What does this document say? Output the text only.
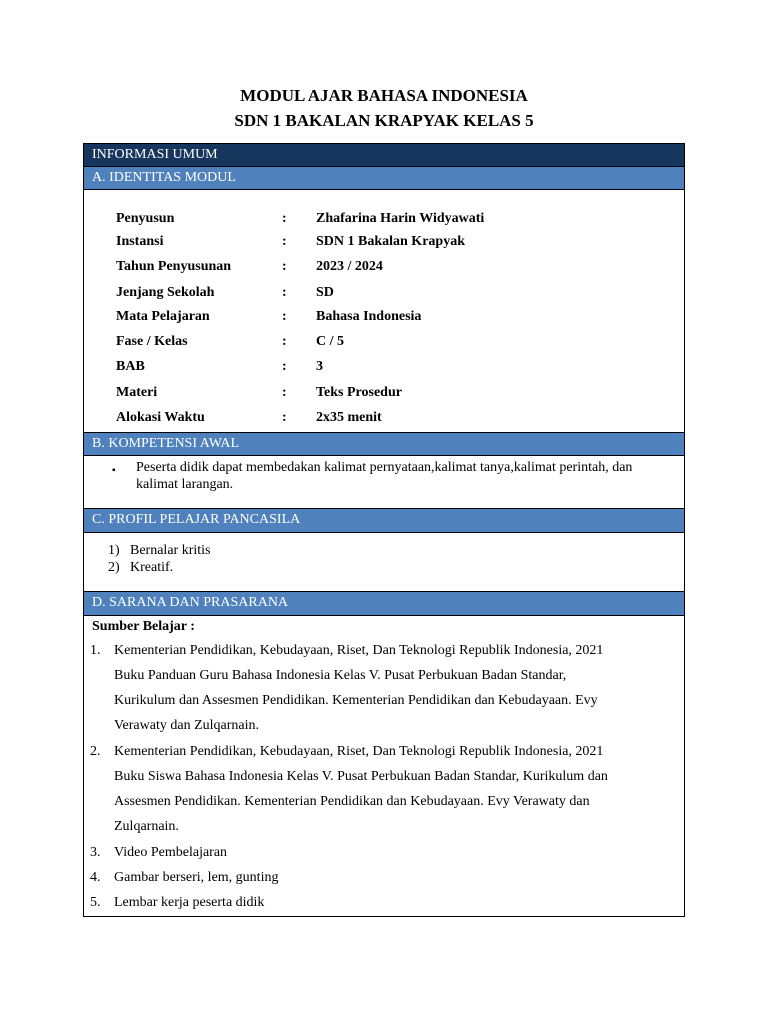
MODUL AJAR BAHASA INDONESIA
SDN 1 BAKALAN KRAPYAK KELAS 5
INFORMASI UMUM
A. IDENTITAS MODUL
Penyusun	:	Zhafarina Harin Widyawati
Instansi	:	SDN 1 Bakalan Krapyak
Tahun Penyusunan	:	2023 / 2024
Jenjang Sekolah	:	SD
Mata Pelajaran	:	Bahasa Indonesia
Fase / Kelas	:	C / 5
BAB	:	3
Materi	:	Teks Prosedur
Alokasi Waktu	:	2x35 menit
B. KOMPETENSI AWAL
▪ Peserta didik dapat membedakan kalimat pernyataan,kalimat tanya,kalimat perintah, dan
kalimat larangan.
C. PROFIL PELAJAR PANCASILA
1) Bernalar kritis
2) Kreatif.
D. SARANA DAN PRASARANA
Sumber Belajar :
1. Kementerian Pendidikan, Kebudayaan, Riset, Dan Teknologi Republik Indonesia, 2021
Buku Panduan Guru Bahasa Indonesia Kelas V. Pusat Perbukuan Badan Standar,
Kurikulum dan Assesmen Pendidikan. Kementerian Pendidikan dan Kebudayaan. Evy
Verawaty dan Zulqarnain.
2. Kementerian Pendidikan, Kebudayaan, Riset, Dan Teknologi Republik Indonesia, 2021
Buku Siswa Bahasa Indonesia Kelas V. Pusat Perbukuan Badan Standar, Kurikulum dan
Assesmen Pendidikan. Kementerian Pendidikan dan Kebudayaan. Evy Verawaty dan
Zulqarnain.
3. Video Pembelajaran
4. Gambar berseri, lem, gunting
5. Lembar kerja peserta didik
